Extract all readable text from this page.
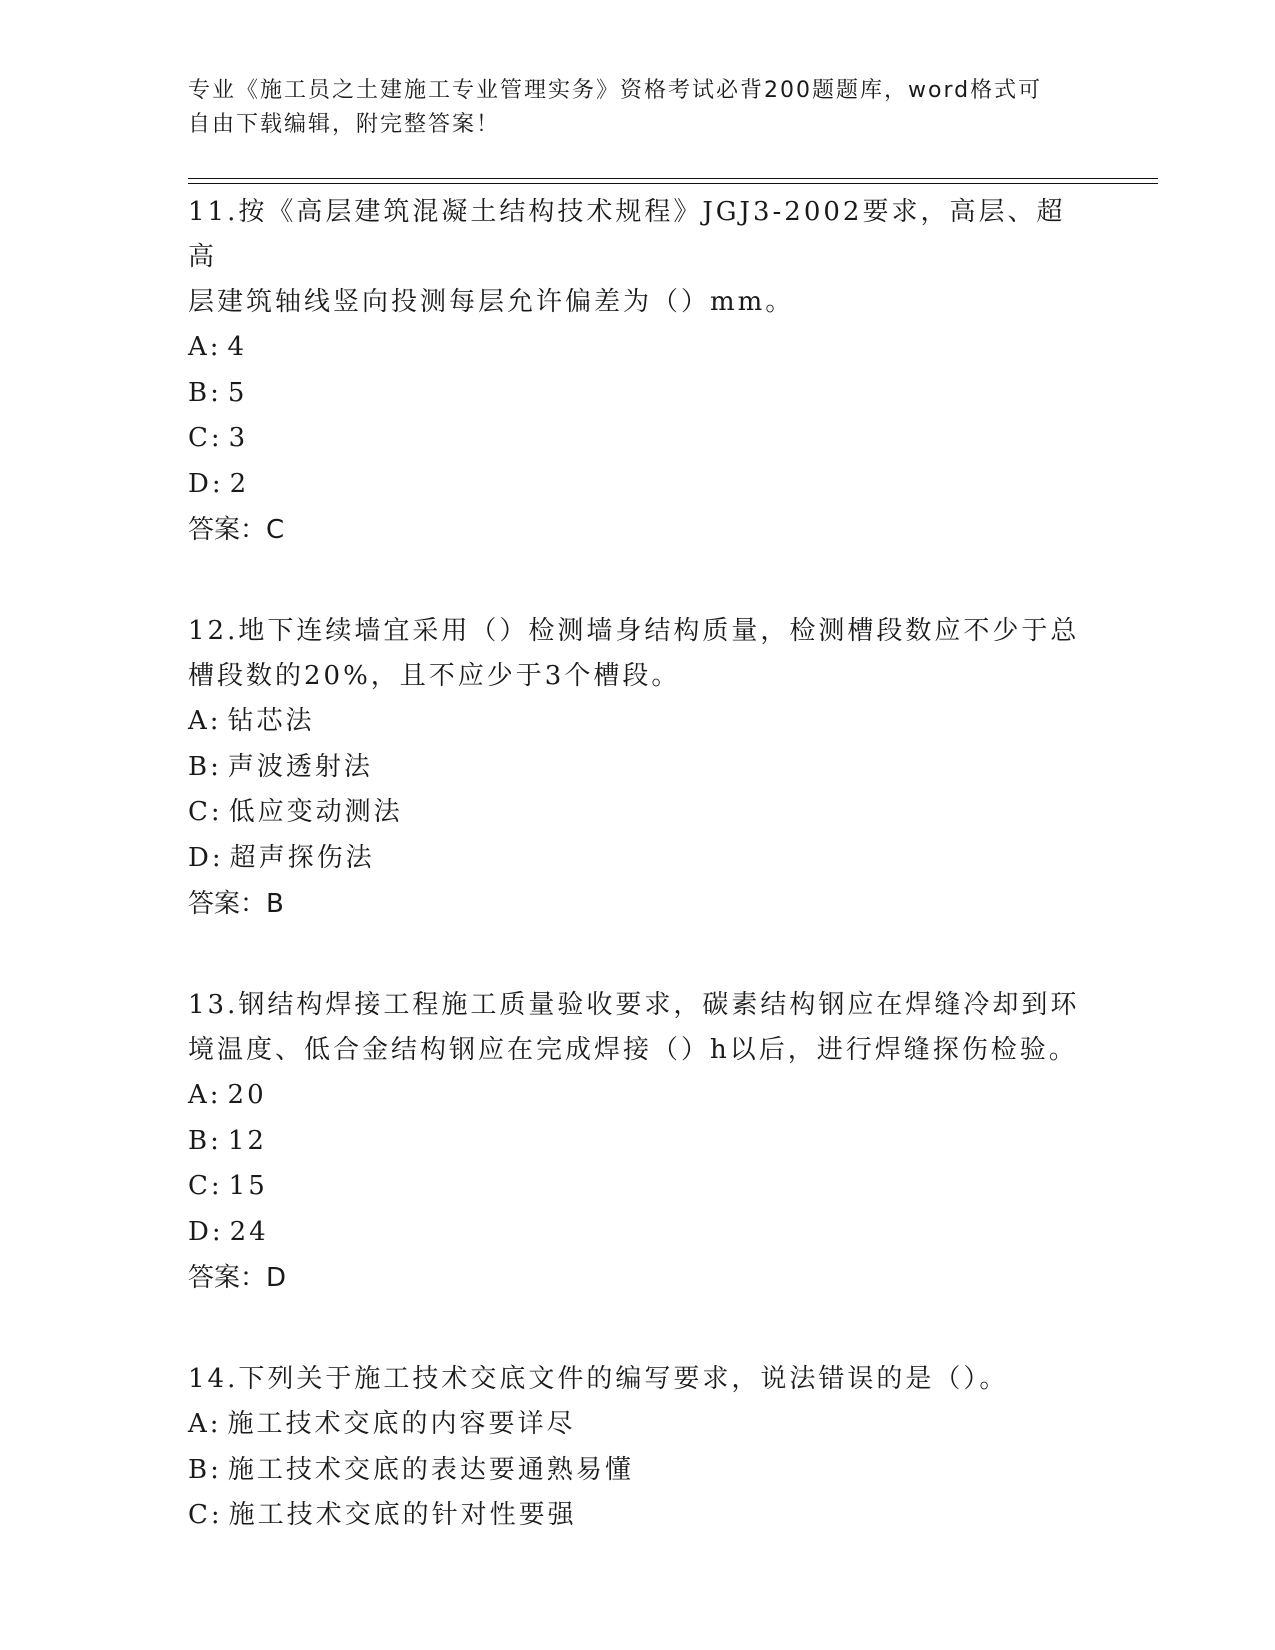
专业《施工员之土建施工专业管理实务》资格考试必背200题题库，word格式可
自由下载编辑，附完整答案！

11.按《高层建筑混凝土结构技术规程》JGJ3-2002要求，高层、超高

层建筑轴线竖向投测每层允许偏差为（）mm。

A: 4

B: 5

C: 3

D: 2

答案：C

12.地下连续墙宜采用（）检测墙身结构质量，检测槽段数应不少于总

槽段数的20%，且不应少于3个槽段。

A: 钻芯法

B: 声波透射法

C: 低应变动测法

D: 超声探伤法

答案：B

13.钢结构焊接工程施工质量验收要求，碳素结构钢应在焊缝冷却到环

境温度、低合金结构钢应在完成焊接（）h以后，进行焊缝探伤检验。

A: 20

B: 12

C: 15

D: 24

答案：D

14.下列关于施工技术交底文件的编写要求，说法错误的是（）。

A: 施工技术交底的内容要详尽

B: 施工技术交底的表达要通熟易懂

C: 施工技术交底的针对性要强
